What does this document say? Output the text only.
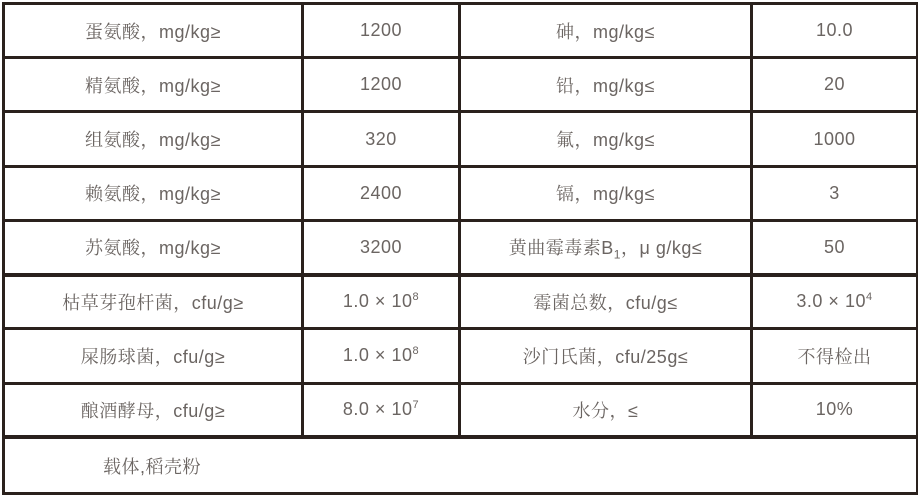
蛋氨酸，mg/kg≥	1200	砷，mg/kg≤	10.0
精氨酸，mg/kg≥	1200	铅，mg/kg≤	20
组氨酸，mg/kg≥	320	氟，mg/kg≤	1000
赖氨酸，mg/kg≥	2400	镉，mg/kg≤	3
苏氨酸，mg/kg≥	3200	黄曲霉毒素$B_1$，μ g/kg≤	50
枯草芽孢杆菌，cfu/g≥	$1.0 \times 10^8$	霉菌总数，cfu/g≤	$3.0 \times 10^4$
屎肠球菌，cfu/g≥	$1.0 \times 10^8$	沙门氏菌，cfu/25g≤	不得检出
酿酒酵母，cfu/g≥	$8.0 \times 10^7$	水分，≤	10%
载体,稻壳粉			
